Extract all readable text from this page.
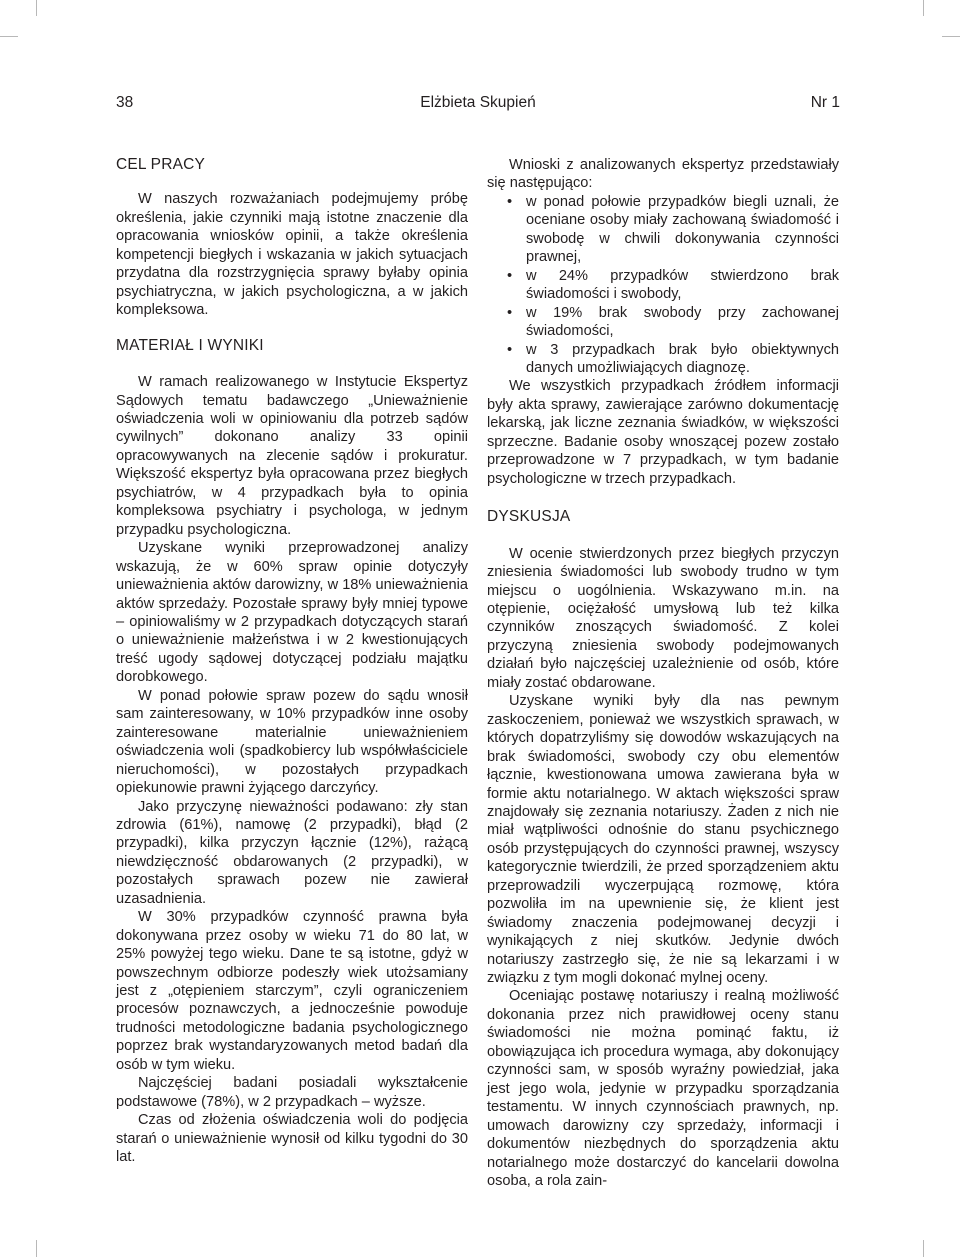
38	Elżbieta Skupień	Nr 1
CEL PRACY

W naszych rozważaniach podejmujemy próbę określenia, jakie czynniki mają istotne znaczenie dla opracowania wniosków opinii, a także określenia kompetencji biegłych i wskazania w jakich sytuacjach przydatna dla rozstrzygnięcia sprawy byłaby opinia psychiatryczna, w jakich psychologiczna, a w jakich kompleksowa.

MATERIAŁ I WYNIKI

W ramach realizowanego w Instytucie Ekspertyz Sądowych tematu badawczego „Unieważnienie oświadczenia woli w opiniowaniu dla potrzeb sądów cywilnych” dokonano analizy 33 opinii opracowywanych na zlecenie sądów i prokuratur. Większość ekspertyz była opracowana przez biegłych psychiatrów, w 4 przypadkach była to opinia kompleksowa psychiatry i psychologa, w jednym przypadku psychologiczna.

Uzyskane wyniki przeprowadzonej analizy wskazują, że w 60% spraw opinie dotyczyły unieważnienia aktów darowizny, w 18% unieważnienia aktów sprzedaży. Pozostałe sprawy były mniej typowe – opiniowaliśmy w 2 przypadkach dotyczących starań o unieważnienie małżeństwa i w 2 kwestionujących treść ugody sądowej dotyczącej podziału majątku dorobkowego.

W ponad połowie spraw pozew do sądu wnosił sam zainteresowany, w 10% przypadków inne osoby zainteresowane materialnie unieważnieniem oświadczenia woli (spadkobiercy lub współwłaściciele nieruchomości), w pozostałych przypadkach opiekunowie prawni żyjącego darczyńcy.

Jako przyczynę nieważności podawano: zły stan zdrowia (61%), namowę (2 przypadki), błąd (2 przypadki), kilka przyczyn łącznie (12%), rażącą niewdzięczność obdarowanych (2 przypadki), w pozostałych sprawach pozew nie zawierał uzasadnienia.

W 30% przypadków czynność prawna była dokonywana przez osoby w wieku 71 do 80 lat, w 25% powyżej tego wieku. Dane te są istotne, gdyż w powszechnym odbiorze podeszły wiek utożsamiany jest z „otępieniem starczym”, czyli ograniczeniem procesów poznawczych, a jednocześnie powoduje trudności metodologiczne badania psychologicznego poprzez brak wystandaryzowanych metod badań dla osób w tym wieku.

Najczęściej badani posiadali wykształcenie podstawowe (78%), w 2 przypadkach – wyższe.

Czas od złożenia oświadczenia woli do podjęcia starań o unieważnienie wynosił od kilku tygodni do 30 lat.

Wnioski z analizowanych ekspertyz przedstawiały się następująco:

• w ponad połowie przypadków biegli uznali, że oceniane osoby miały zachowaną świadomość i swobodę w chwili dokonywania czynności prawnej,
• w 24% przypadków stwierdzono brak świadomości i swobody,
• w 19% brak swobody przy zachowanej świadomości,
• w 3 przypadkach brak było obiektywnych danych umożliwiających diagnozę.

We wszystkich przypadkach źródłem informacji były akta sprawy, zawierające zarówno dokumentację lekarską, jak liczne zeznania świadków, w większości sprzeczne. Badanie osoby wnoszącej pozew zostało przeprowadzone w 7 przypadkach, w tym badanie psychologiczne w trzech przypadkach.

DYSKUSJA

W ocenie stwierdzonych przez biegłych przyczyn zniesienia świadomości lub swobody trudno w tym miejscu o uogólnienia. Wskazywano m.in. na otępienie, ociężałość umysłową lub też kilka czynników znoszących świadomość. Z kolei przyczyną zniesienia swobody podejmowanych działań było najczęściej uzależnienie od osób, które miały zostać obdarowane.

Uzyskane wyniki były dla nas pewnym zaskoczeniem, ponieważ we wszystkich sprawach, w których dopatrzyliśmy się dowodów wskazujących na brak świadomości, swobody czy obu elementów łącznie, kwestionowana umowa zawierana była w formie aktu notarialnego. W aktach większości spraw znajdowały się zeznania notariuszy. Żaden z nich nie miał wątpliwości odnośnie do stanu psychicznego osób przystępujących do czynności prawnej, wszyscy kategorycznie twierdzili, że przed sporządzeniem aktu przeprowadzili wyczerpującą rozmowę, która pozwoliła im na upewnienie się, że klient jest świadomy znaczenia podejmowanej decyzji i wynikających z niej skutków. Jedynie dwóch notariuszy zastrzegło się, że nie są lekarzami i w związku z tym mogli dokonać mylnej oceny.

Oceniając postawę notariuszy i realną możliwość dokonania przez nich prawidłowej oceny stanu świadomości nie można pominąć faktu, iż obowiązująca ich procedura wymaga, aby dokonujący czynności sam, w sposób wyraźny powiedział, jaka jest jego wola, jedynie w przypadku sporządzania testamentu. W innych czynnościach prawnych, np. umowach darowizny czy sprzedaży, informacji i dokumentów niezbędnych do sporządzenia aktu notarialnego może dostarczyć do kancelarii dowolna osoba, a rola zain-
